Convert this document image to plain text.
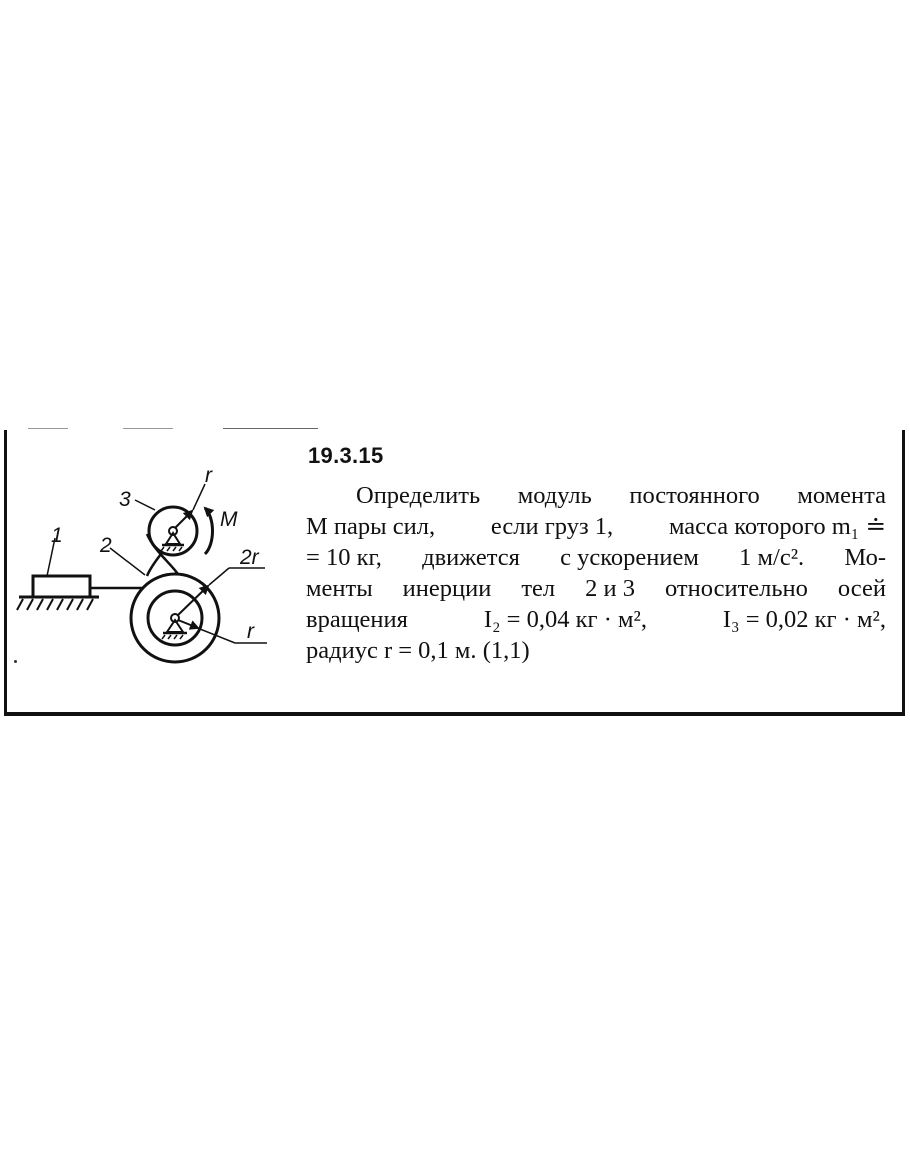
1 2
3
r
M
2r
r
19.3.15
Определить модуль постоянного момента
M пары сил, если груз 1, масса которого m₁ ≐
= 10 кг, движется с ускорением 1 м/с². Мо-
менты инерции тел 2 и 3 относительно осей
вращения	I₂ = 0,04 кг · м²,	I₃ = 0,02 кг · м²,
радиус r = 0,1 м. (1,1)
